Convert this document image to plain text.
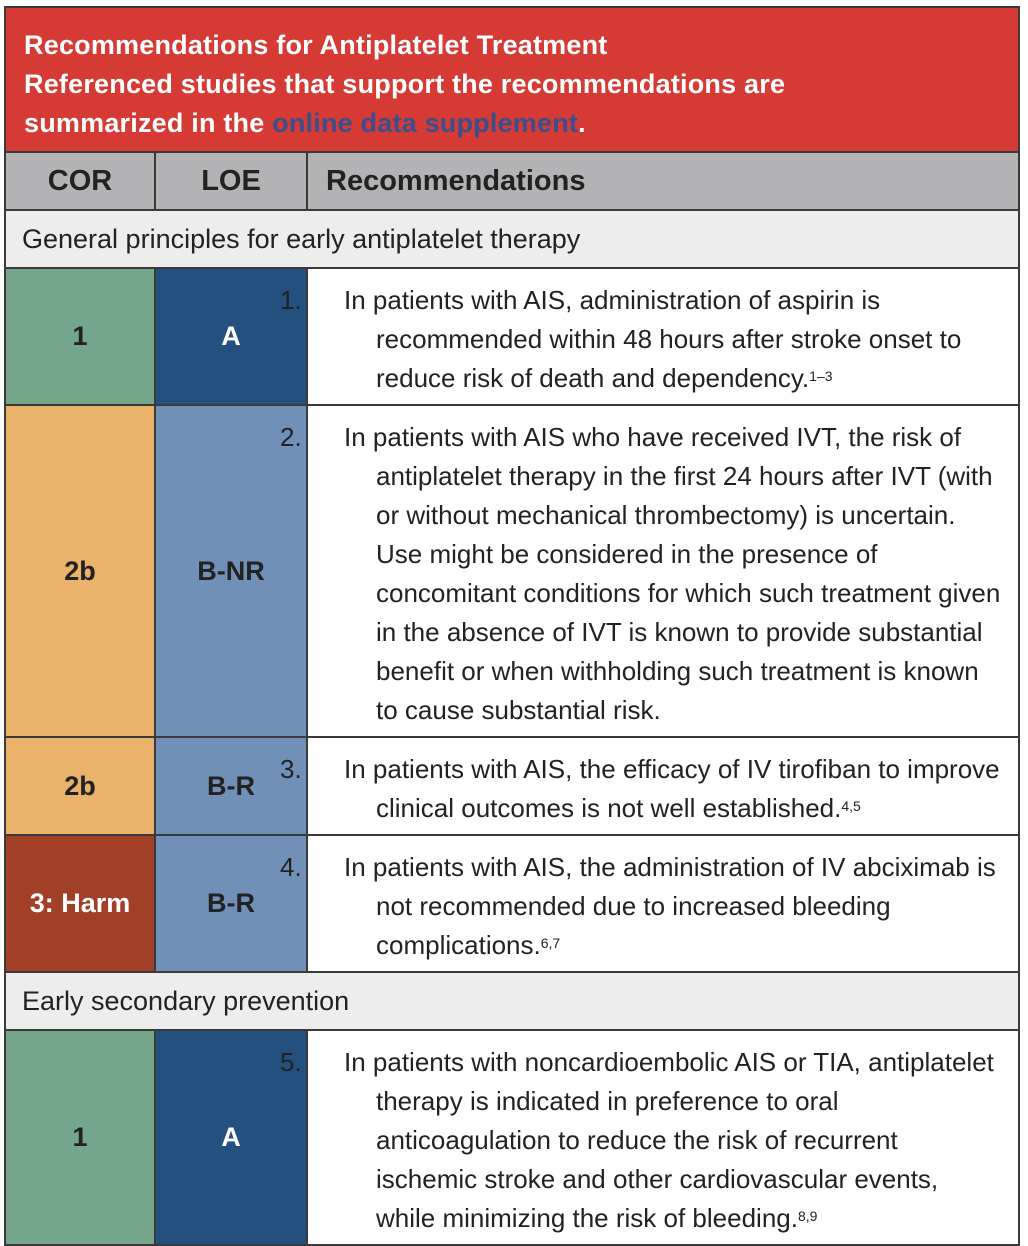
Recommendations for Antiplatelet Treatment
Referenced studies that support the recommendations are
summarized in the online data supplement.
COR	LOE	Recommendations
General principles for early antiplatelet therapy
1	A

1. In patients with AIS, administration of aspirin is recommended within 48 hours after stroke onset to reduce risk of death and dependency.$^{1-3}$

2b	B-NR

2. In patients with AIS who have received IVT, the risk of antiplatelet therapy in the first 24 hours after IVT (with or without mechanical thrombectomy) is uncertain. Use might be considered in the presence of concomitant conditions for which such treatment given in the absence of IVT is known to provide substantial benefit or when withholding such treatment is known to cause substantial risk.

2b	B-R

3. In patients with AIS, the efficacy of IV tirofiban to improve clinical outcomes is not well established.$^{4,5}$

3: Harm	B-R

4. In patients with AIS, the administration of IV abciximab is not recommended due to increased bleeding complications.$^{6,7}$

Early secondary prevention
1	A

5. In patients with noncardioembolic AIS or TIA, antiplatelet therapy is indicated in preference to oral anticoagulation to reduce the risk of recurrent ischemic stroke and other cardiovascular events, while minimizing the risk of bleeding.$^{8,9}$
